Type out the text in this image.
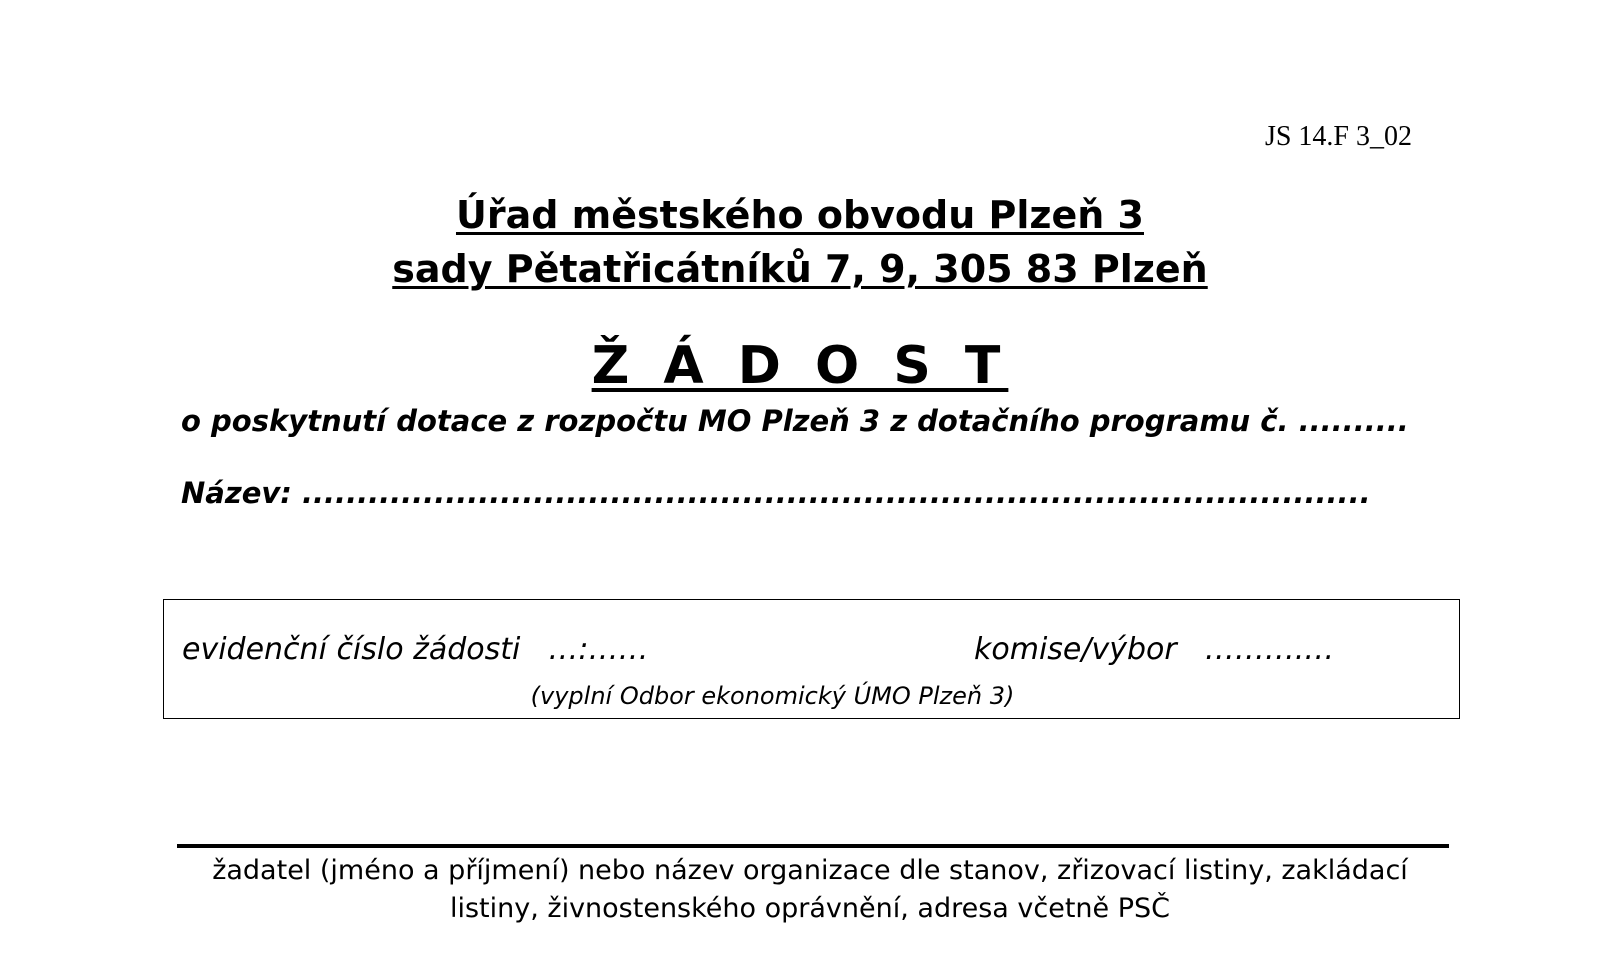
JS 14.F 3_02
Úřad městského obvodu Plzeň 3
sady Pětatřicátníků 7, 9, 305 83 Plzeň
Ž Á D O S T
o poskytnutí dotace z rozpočtu MO Plzeň 3 z dotačního programu č. ..........
Název: .................................................................................................
evidenční číslo žádosti …:……	komise/výbor ……….…
(vyplní Odbor ekonomický ÚMO Plzeň 3)
žadatel (jméno a příjmení) nebo název organizace dle stanov, zřizovací listiny, zakládací
listiny, živnostenského oprávnění, adresa včetně PSČ
